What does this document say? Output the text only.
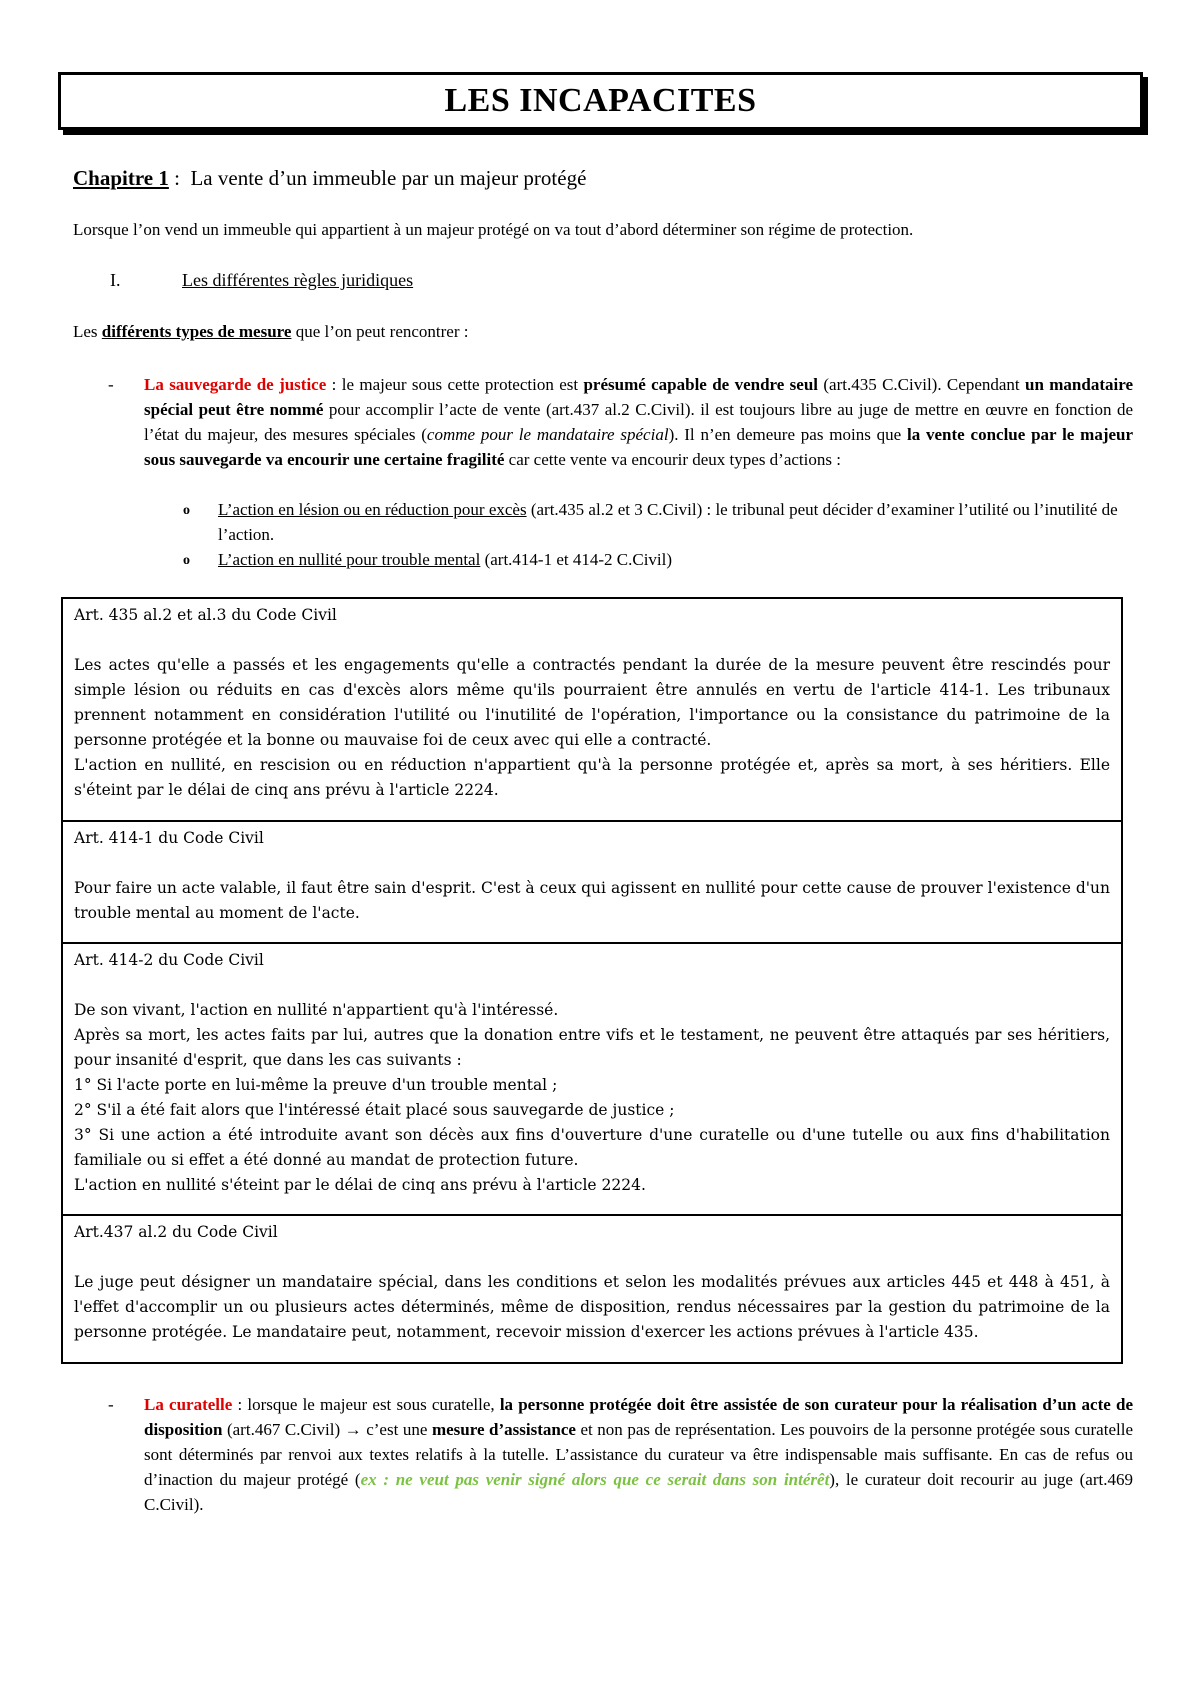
LES INCAPACITES
Chapitre 1 : La vente d’un immeuble par un majeur protégé
Lorsque l’on vend un immeuble qui appartient à un majeur protégé on va tout d’abord déterminer son régime de protection.
I.	Les différentes règles juridiques
Les différents types de mesure que l’on peut rencontrer :
- La sauvegarde de justice : le majeur sous cette protection est présumé capable de vendre seul (art.435 C.Civil). Cependant un mandataire spécial peut être nommé pour accomplir l’acte de vente (art.437 al.2 C.Civil). il est toujours libre au juge de mettre en œuvre en fonction de l’état du majeur, des mesures spéciales (comme pour le mandataire spécial). Il n’en demeure pas moins que la vente conclue par le majeur sous sauvegarde va encourir une certaine fragilité car cette vente va encourir deux types d’actions :
o L’action en lésion ou en réduction pour excès (art.435 al.2 et 3 C.Civil) : le tribunal peut décider d’examiner l’utilité ou l’inutilité de l’action.
o L’action en nullité pour trouble mental (art.414-1 et 414-2 C.Civil)
Art. 435 al.2 et al.3 du Code Civil

Les actes qu'elle a passés et les engagements qu'elle a contractés pendant la durée de la mesure peuvent être rescindés pour simple lésion ou réduits en cas d'excès alors même qu'ils pourraient être annulés en vertu de l'article 414-1. Les tribunaux prennent notamment en considération l'utilité ou l'inutilité de l'opération, l'importance ou la consistance du patrimoine de la personne protégée et la bonne ou mauvaise foi de ceux avec qui elle a contracté.

L'action en nullité, en rescision ou en réduction n'appartient qu'à la personne protégée et, après sa mort, à ses héritiers. Elle s'éteint par le délai de cinq ans prévu à l'article 2224.

Art. 414-1 du Code Civil

Pour faire un acte valable, il faut être sain d'esprit. C'est à ceux qui agissent en nullité pour cette cause de prouver l'existence d'un trouble mental au moment de l'acte.

Art. 414-2 du Code Civil

De son vivant, l'action en nullité n'appartient qu'à l'intéressé.

Après sa mort, les actes faits par lui, autres que la donation entre vifs et le testament, ne peuvent être attaqués par ses héritiers, pour insanité d'esprit, que dans les cas suivants :

1° Si l'acte porte en lui-même la preuve d'un trouble mental ;

2° S'il a été fait alors que l'intéressé était placé sous sauvegarde de justice ;

3° Si une action a été introduite avant son décès aux fins d'ouverture d'une curatelle ou d'une tutelle ou aux fins d'habilitation familiale ou si effet a été donné au mandat de protection future.

L'action en nullité s'éteint par le délai de cinq ans prévu à l'article 2224.

Art.437 al.2 du Code Civil

Le juge peut désigner un mandataire spécial, dans les conditions et selon les modalités prévues aux articles 445 et 448 à 451, à l'effet d'accomplir un ou plusieurs actes déterminés, même de disposition, rendus nécessaires par la gestion du patrimoine de la personne protégée. Le mandataire peut, notamment, recevoir mission d'exercer les actions prévues à l'article 435.

- La curatelle : lorsque le majeur est sous curatelle, la personne protégée doit être assistée de son curateur pour la réalisation d’un acte de disposition (art.467 C.Civil) → c’est une mesure d’assistance et non pas de représentation. Les pouvoirs de la personne protégée sous curatelle sont déterminés par renvoi aux textes relatifs à la tutelle. L’assistance du curateur va être indispensable mais suffisante. En cas de refus ou d’inaction du majeur protégé (ex : ne veut pas venir signé alors que ce serait dans son intérêt), le curateur doit recourir au juge (art.469 C.Civil).
